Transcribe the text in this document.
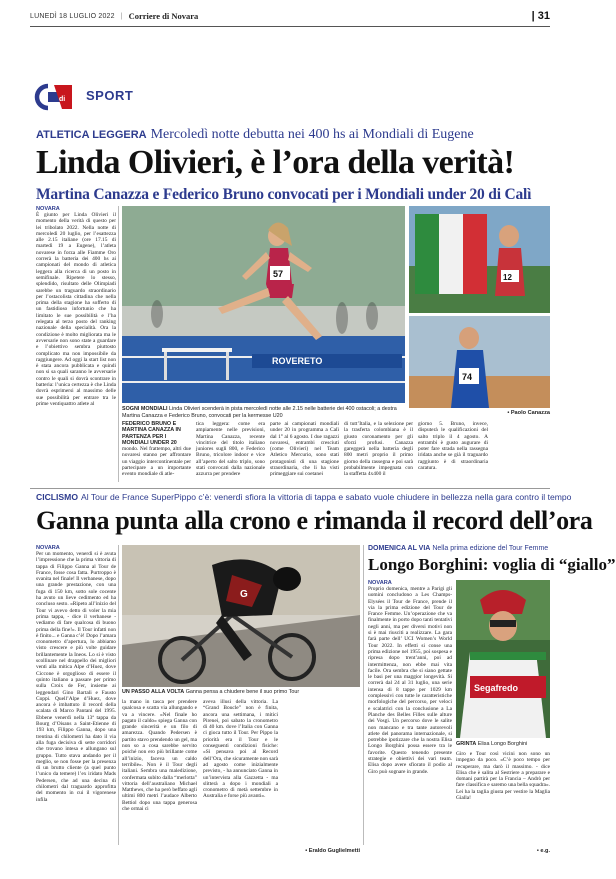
LUNEDÌ 18 LUGLIO 2022 | Corriere di Novara	| 31
di SPORT
ATLETICA LEGGERA Mercoledì notte debutta nei 400 hs ai Mondiali di Eugene
Linda Olivieri, è l’ora della verità!
Martina Canazza e Federico Bruno convocati per i Mondiali under 20 di Calì
NOVARA
È giunto per Linda Olivieri il momento della verità di questo per lei tribolato 2022. Nella notte di mercoledì 20 luglio, per l’esattezza alle 2.15 italiane (ore 17.15 di martedì 19 a Eugene), l’atleta novarese in forza alle Fiamme Oro correrà la batteria dei 400 hs ai campionati del mondo di atletica leggera alla ricerca di un posto in semifinale. Ripetere lo stesso, splendido, risultato delle Olimpiadi sarebbe un traguardo straordinario per l’ostacolista cittadina che nella prima della stagione ha sofferto di un fastidioso infortunio che ha limitato le sue possibilità e l’ha relegata al terzo posto del ranking nazionale della specialità. Ora la condizione è molto migliorata ma le avversarie non sono state a guardare e l’obiettivo sembra piuttosto complicato ma non impossibile da raggiungere. Ad oggi la start list non è stata ancora pubblicata e quindi non si sa quali saranno le avversarie contro le quali si dovrà scontrare in batteria: l’unica certezza è che Linda dovrà esprimersi al massimo delle sue possibilità per entrare tra le prime ventiquattro atlete al
ROVERETO
57	12
74
SOGNI MONDIALI Linda Olivieri scenderà in pista mercoledì notte alle 2.15 nelle batterie dei 400 ostacoli; a destra Martina Canazza e Federico Bruno, convocati per la kermesse U20	• Paolo Canazza
FEDERICO BRUNO E MARTINA CANAZZA IN PARTENZA PER I MONDIALI UNDER 20
mondo. Nel frattempo, altri due novaresi stanno per affrontare un viaggio intercontinentale per partecipare a un importante evento mondiale di atle-
tica leggera: come era ampiamente nelle previsioni, Martina Canazza, recente vincitrice del titolo italiano juniores sugli 800, e Federico Bruno, tricolore indoor e vice all’aperto del salto triplo, sono stati convocati dalla nazionale azzurra per prendere
parte ai campionati mondiali under 20 in programma a Calì dal 1° al 6 agosto. I due ragazzi novaresi, entrambi cresciuti (come Olivieri) nel Team Atletico Mercurio, sono stati protagonisti di una stagione straordinaria, che li ha visti primeggiare sui coetanei
di tutt’Italia, e la selezione per la trasferta colombiana è il giusto coronamento per gli sforzi profusi. Canazza gareggerà nella batteria degli 800 metri proprio il primo giorno della rassegna e poi sarà probabilmente impegnata con la staffetta 4x400 il
giorno 5. Bruno, invece, disputerà le qualificazioni del salto triplo il 4 agosto. A entrambi è gusto augurare di poter fare strada nella rassegna iridata anche se già il traguardo raggiunto è di straordinaria caratura.
CICLISMO Al Tour de France SuperPippo c’è: venerdì sfiora la vittoria di tappa e sabato vuole chiudere in bellezza nella gara contro il tempo
Ganna punta alla crono e rimanda il record dell’ora
NOVARA
Per un momento, venerdì si è avuta l’impressione che la prima vittoria di tappa di Filippo Ganna al Tour de France, fosse cosa fatta. Purtroppo è svanita nel finale! Il verbanese, dopo una grande prestazione, con una fuga di 150 km, sotto sole cocente ha avuto un lieve cedimento ed ha concluso sesto. «Ripeto all’inizio del Tour vi avevo detto di voler la mia prima tappa, - dice il verbanese - vediamo di fare qualcosa di buono prima della fine!». Il Tour infatti non è finito... e Ganna c’è! Dopo l’amara cronometro d’apertura, lo abbiamo visto crescere e più volte guidare brillantemente la Ineos. Lo si è visto scollinare nel drappello dei migliori venti alla mitica Alpe d’Huez, dove Ciccone è orgoglioso di essere il quinto italiano a passare per primo sulla Croix de Fer, insieme ai leggendari Gino Bartali e Fausto Coppi. Quell’Alpe d’Huez, dove ancora è imbattuto il record della scalata di Marco Pantani del 1995. Ebbene venerdì nella 13ª tappa da Bourg d’Oisans a Saint-Etienne di 193 km, Filippo Ganna, dopo una trentina di chilometri ha dato il via alla fuga decisiva di sette corridori che trovano intesa e allungano sul gruppo. Tutto stava andando per il meglio, se non fosse per la presenza di un brutto cliente (a quel punto l’unico da temere) l’ex iridato Mads Pedersen, che ad una decina di chilometri dal traguardo approfitta del momento in cui il vigorenese infila
G
UN PASSO ALLA VOLTA Ganna pensa a chiudere bene il suo primo Tour
la mano in tasca per prendere qualcosa e scatta via allungando e va a vincere. «Nel finale ho pagato il caldo» spiega Ganna con grande sincerità e un filo di amarezza. Quando Pedersen è partito stavo prendendo un gel, ma non so a cosa sarebbe servito poiché non ero più brillante come all’inizio, faceva un caldo terribile». Non è il Tour degli italiani. Sembra una maledizione, confermata subito dalla “merlotta” vittoria dell’australiano Michael Matthews, che ha però beffato agli ultimi 800 metri l’audace Alberto Bettiol dopo una tappa generosa che ormai ci
aveva illusi della vittoria. La “Grand Boucle” non è finita, ancora una settimana, i mitici Pirenei, poi sabato la cronometro di 40 km. dove l’Italia con Ganna ci gioca tutto il Tour. Per Pippo la priorità era il Tour e le conseguenti condizioni fisiche: «Si pensava poi al Record dell’Ora, che sicuramente non sarà ad agosto come inizialmente previsto, - ha annunciato Ganna in un’intervista alla Gazzetta - ma slitterà a dopo i mondiali a cronometro di metà settembre in Australia e forse più avanti».
• Eraldo Guglielmetti
DOMENICA AL VIA Nella prima edizione del Tour Femme
Longo Borghini: voglia di “giallo”
NOVARA
Proprio domenica, mentre a Parigi gli uomini concludono a Les Champs-Elysées il Tour de France, prende il via la prima edizione del Tour de France Femme. Un’operazione che va finalmente in porto dopo tanti tentativi negli anni, ma per diversi motivi non si è mai riusciti a realizzare. La gara farà parte dell’ UCI Women’s World Tour 2022. In effetti si conse una prima edizione nel 1955, poi sospesa e ripresa dopo trent’anni, poi ad intermittenza, non ebbe mai vita facile. Ora sembra che si siano gettate le basi per una maggior longevità. Si correrà dal 24 al 31 luglio, una serie intensa di 8 tappe per 1029 km complessivi con tutte le caratteristiche morfologiche del percorso, per veloci e scalatrici con la conclusione a La Planche des Belles Filles sulle alture dei Vosgi. Un percorso dove le salite non mancano e tra tante autorevoli atlete del panorama internazionale, si potrebbe ipotizzare che la nostra Elisa Longo Borghini possa essere tra le favorite. Questo tenendo presente strategie e obiettivi dei vari team. Elisa dopo avere sfiorato il podio al Giro può sognare in grande.
Segafredo
GRINTA Elisa Longo Borghini
Giro e Tour così vicini non sono un impegno da poco. «C’è poco tempo per recuperare, ma darò il massimo. - dice Elisa che è salita al Sestriere a preparare e domani partirà per la Francia – Andrò per fare classifica e saremo una bella squadra». Lei ha la taglia giusta per vestire la Maglia Gialla!
• e.g.
